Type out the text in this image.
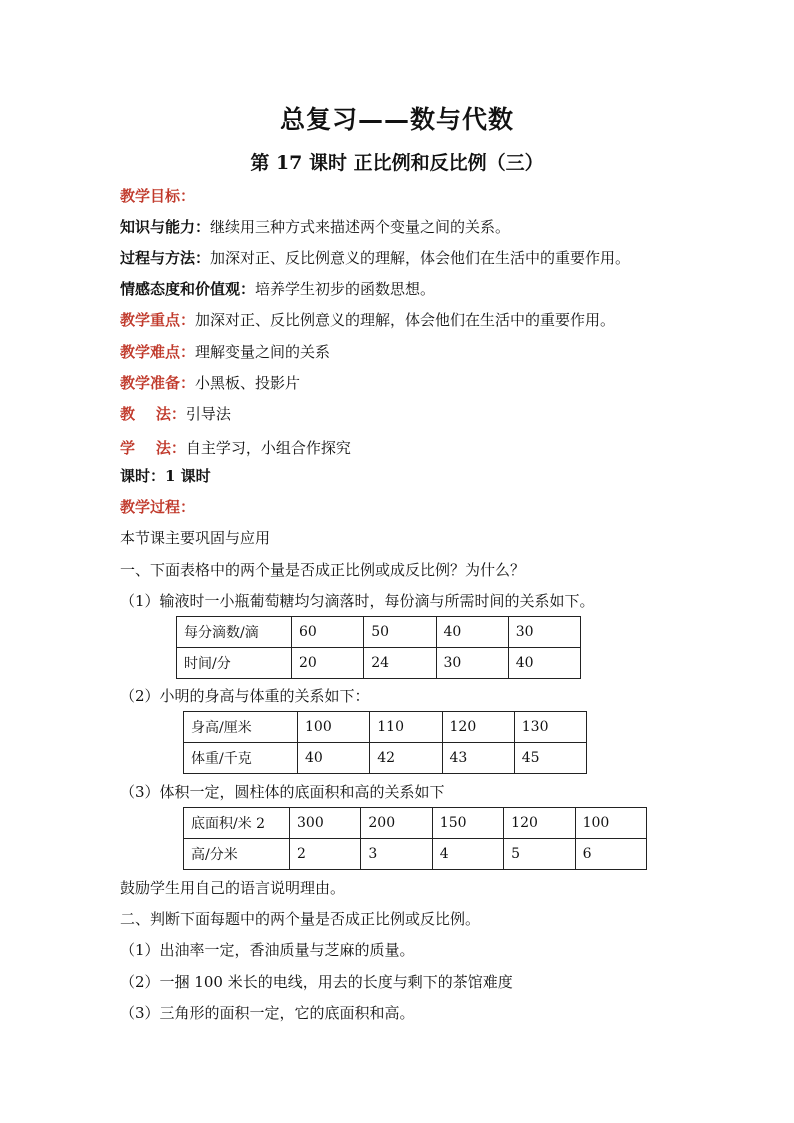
总复习——数与代数
第 17 课时 正比例和反比例（三）
教学目标：
知识与能力：继续用三种方式来描述两个变量之间的关系。
过程与方法：加深对正、反比例意义的理解，体会他们在生活中的重要作用。
情感态度和价值观：培养学生初步的函数思想。
教学重点：加深对正、反比例意义的理解，体会他们在生活中的重要作用。
教学难点：理解变量之间的关系
教学准备：小黑板、投影片
教    法：引导法
学    法：自主学习，小组合作探究
课时：1 课时
教学过程：
本节课主要巩固与应用
一、下面表格中的两个量是否成正比例或成反比例？为什么？
（1）输液时一小瓶葡萄糖均匀滴落时，每份滴与所需时间的关系如下。
每分滴数/滴	60	50	40	30
时间/分	20	24	30	40
（2）小明的身高与体重的关系如下：
身高/厘米	100	110	120	130
体重/千克	40	42	43	45
（3）体积一定，圆柱体的底面积和高的关系如下
底面积/米 2	300	200	150	120	100
高/分米	2	3	4	5	6
鼓励学生用自己的语言说明理由。
二、判断下面每题中的两个量是否成正比例或反比例。
（1）出油率一定，香油质量与芝麻的质量。
（2）一捆 100 米长的电线，用去的长度与剩下的茶馆难度
（3）三角形的面积一定，它的底面积和高。
